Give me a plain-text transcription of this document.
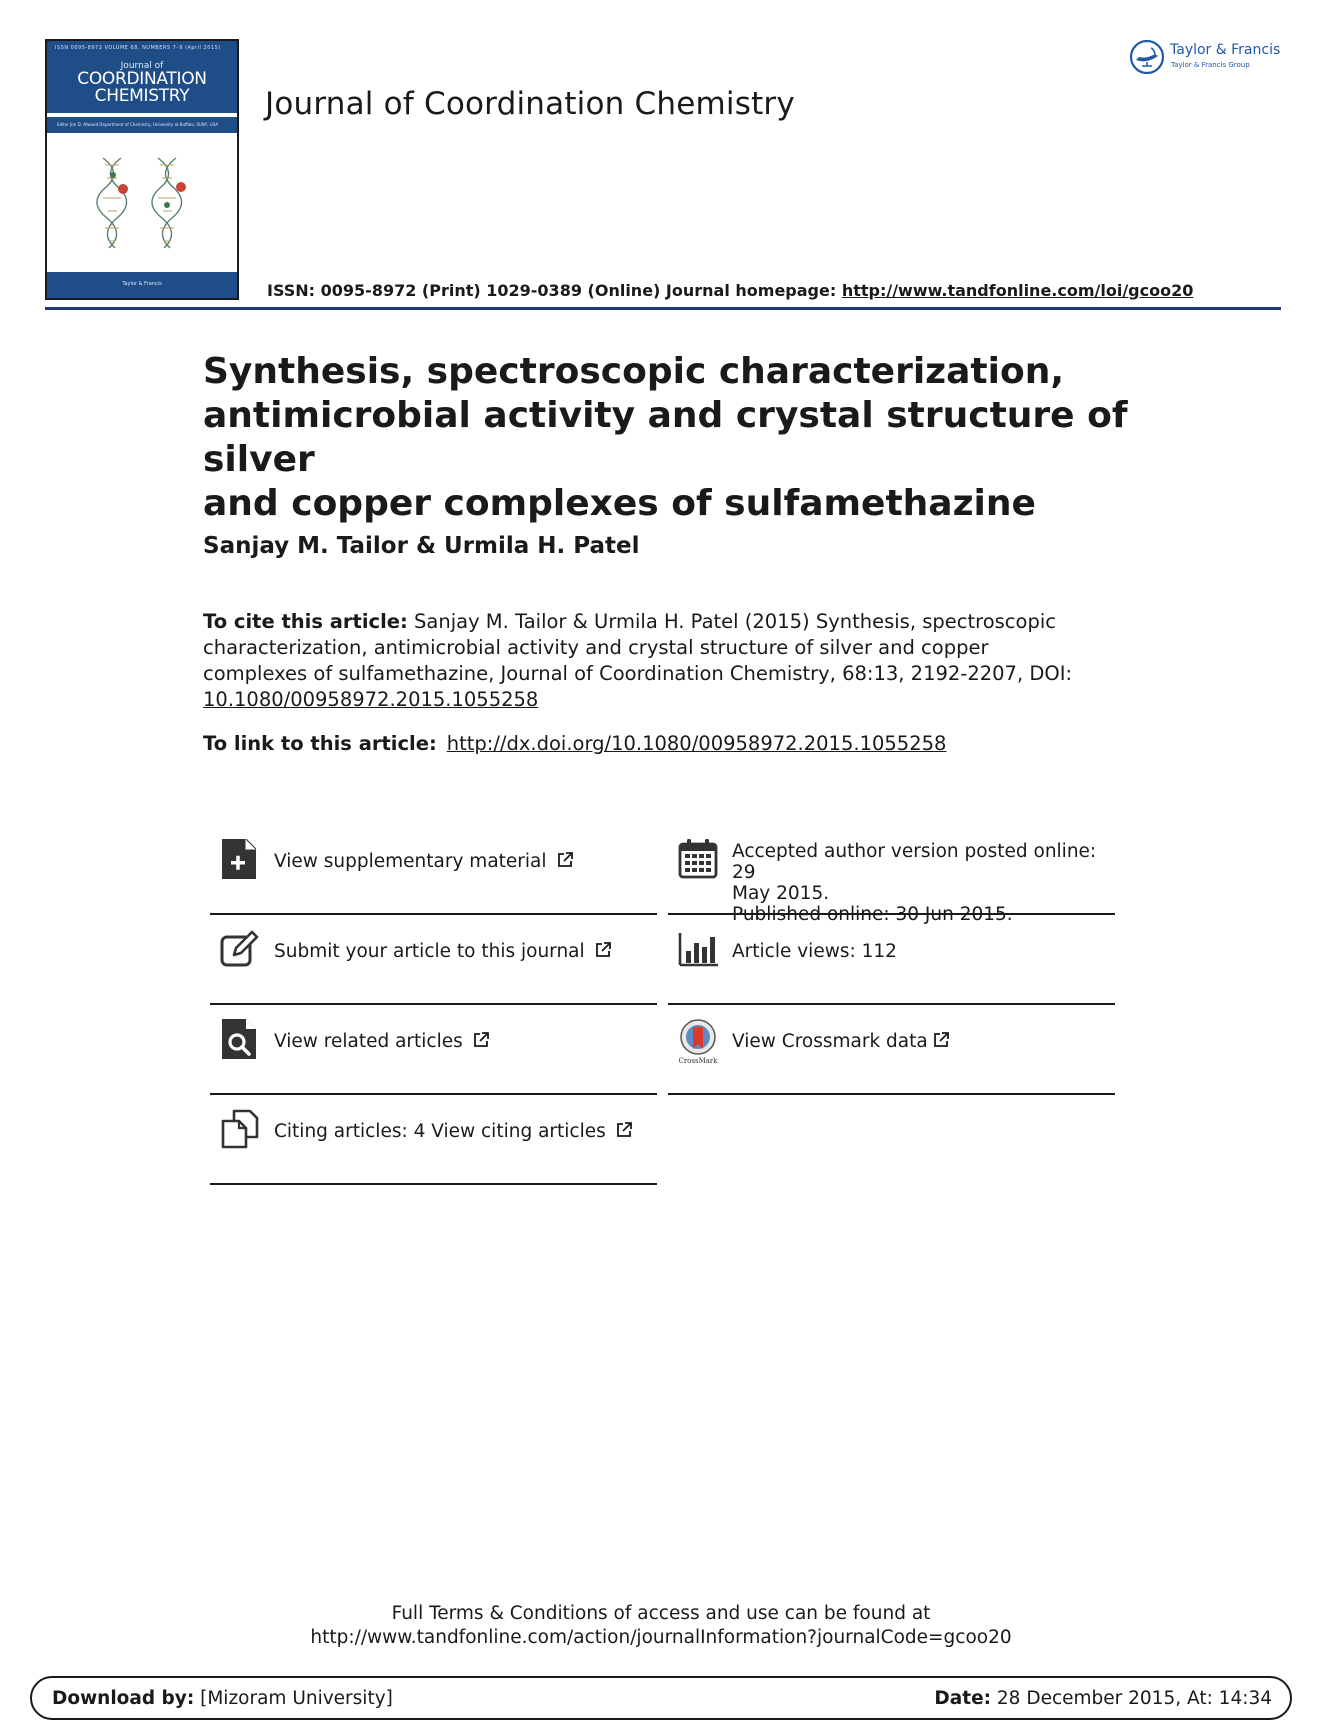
ISSN 0095-8972 VOLUME 68, NUMBERS 7–9 (April 2015)
Journal of
COORDINATION
CHEMISTRY
Editor Jim D. Atwood Department of Chemistry, University at Buffalo, SUNY, USA
Taylor & Francis
Journal of Coordination Chemistry
ISSN: 0095-8972 (Print) 1029-0389 (Online) Journal homepage: http://www.tandfonline.com/loi/gcoo20
Taylor & Francis
Taylor & Francis Group
Synthesis, spectroscopic characterization,
antimicrobial activity and crystal structure of silver
and copper complexes of sulfamethazine
Sanjay M. Tailor & Urmila H. Patel
To cite this article: Sanjay M. Tailor & Urmila H. Patel (2015) Synthesis, spectroscopic
characterization, antimicrobial activity and crystal structure of silver and copper
complexes of sulfamethazine, Journal of Coordination Chemistry, 68:13, 2192-2207, DOI:
10.1080/00958972.2015.1055258
To link to this article: http://dx.doi.org/10.1080/00958972.2015.1055258
View supplementary material
Submit your article to this journal
View related articles
Citing articles: 4 View citing articles
Accepted author version posted online: 29
May 2015.
Published online: 30 Jun 2015.
Article views: 112
CrossMark
View Crossmark data
Full Terms & Conditions of access and use can be found at
http://www.tandfonline.com/action/journalInformation?journalCode=gcoo20
Download by: [Mizoram University]	Date: 28 December 2015, At: 14:34
